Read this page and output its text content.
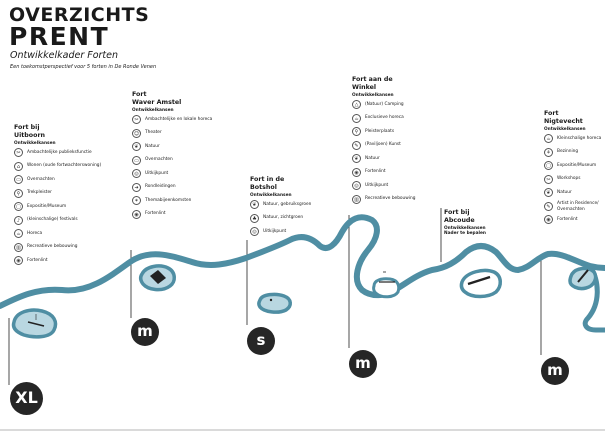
OVERZICHTS
PRENT
Ontwikkelkader Forten
Een toekomstperspectief voor 5 forten in De Ronde Venen
Fort bij
Uitboorn
Ontwikkelkansen
✂	Ambachtelijke publieksfunctie
⌂	Wonen (oude fortwachterswoning)
▭	Overnachten
⚲	Trekpleister
▢	Expositie/Museum
♪	(kleinschalige) festivals
☕	Horeca
▥	Recreatieve bebouwing
◉	Fortenlint
Fort
Waver Amstel
Ontwikkelkansen
✂	Ambachtelijke en lokale horeca
☺	Theater
❦	Natuur
▭	Overnachten
◎	Uitkijkpunt
➜	Rondleidingen
✶	Themabijeenkomsten
◉	Fortenlint
Fort in de
Botshol
Ontwikkelkansen
❦	Natuur, gebruiksgroen
♣	Natuur, zichtgroen
◎	Uitkijkpunt
Fort aan de
Winkel
Ontwikkelkansen
△	(Natuur) Camping
☕	Exclusieve horeca
⚲	Pleisterplaats
✎	(Paviljoen) Kunst
❦	Natuur
◉	Fortenlint
◎	Uitkijkpunt
▥	Recreatieve bebouwing
Fort bij
Abcoude
Ontwikkelkansen
Nader te bepalen
Fort
Nigtevecht
Ontwikkelkansen
☕	Kleinschalige horeca
⚘	Bezinning
▢	Expositie/Museum
✂	Workshops
❦	Natuur
✎	Artist in Residence/
Overnachten
◉	Fortenlint
XL
m	s
m	m
